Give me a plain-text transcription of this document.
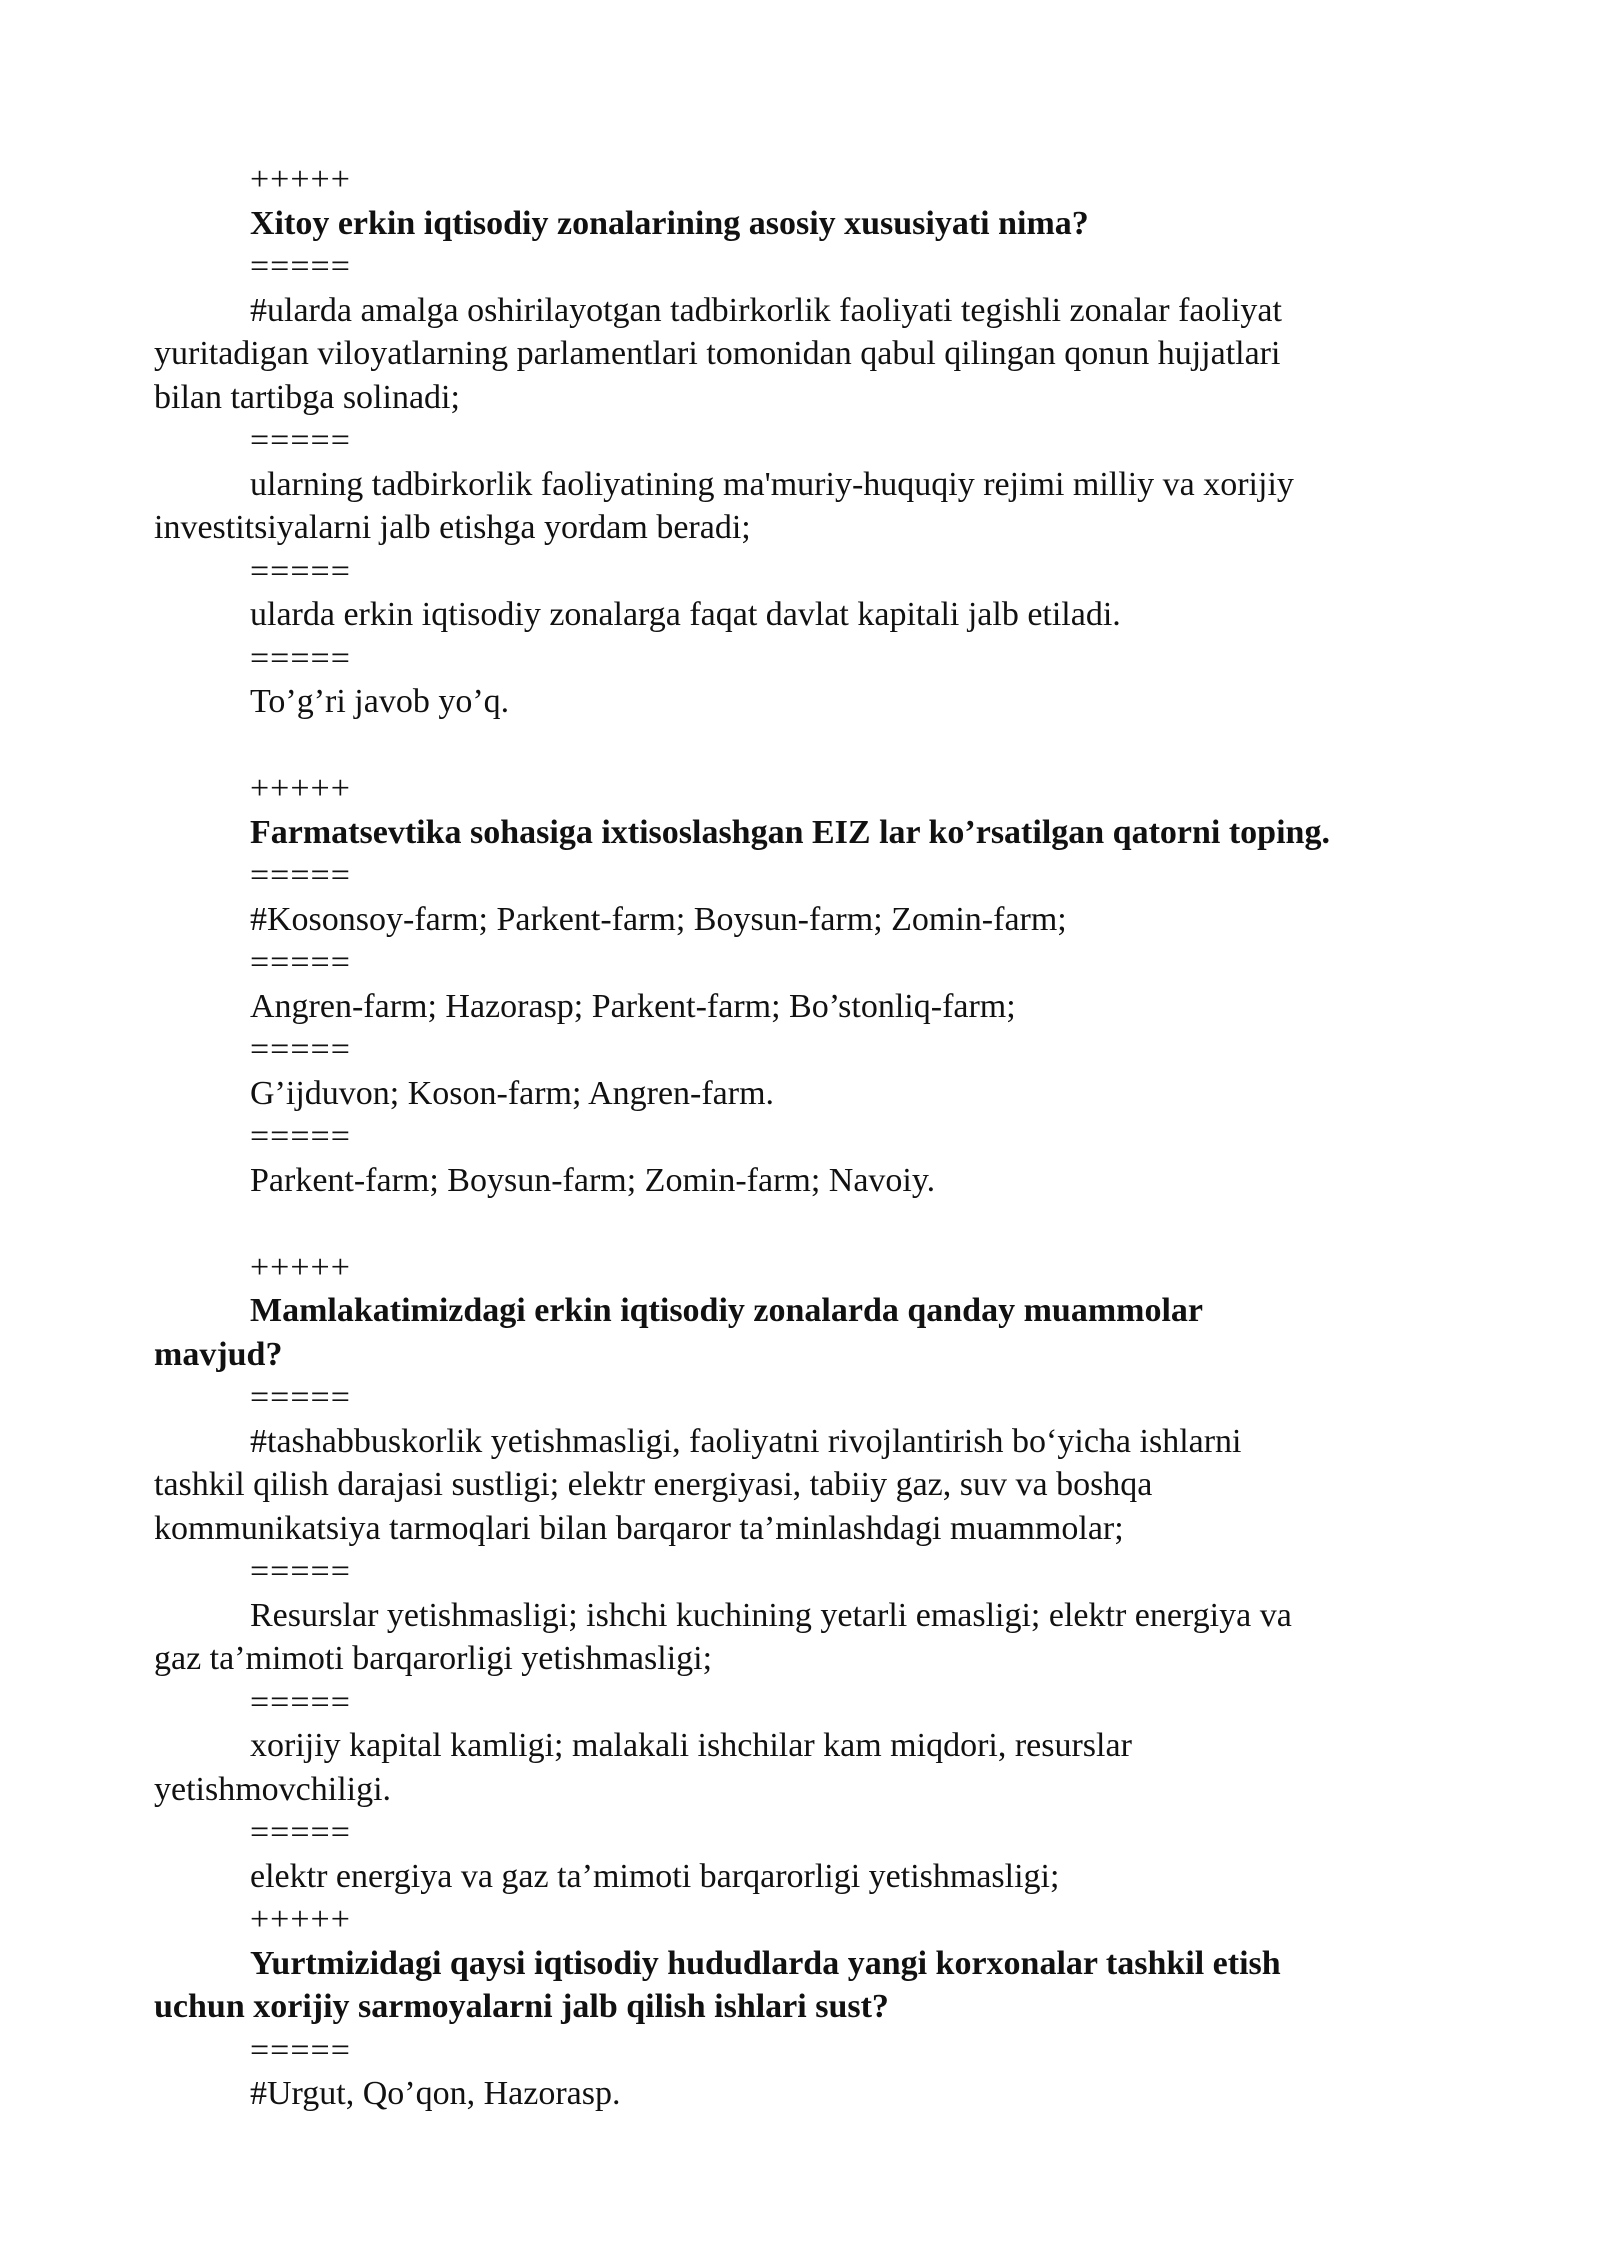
+++++
Xitoy erkin iqtisodiy zonalarining asosiy xususiyati nima?
=====
#ularda amalga oshirilayotgan tadbirkorlik faoliyati tegishli zonalar faoliyat
yuritadigan viloyatlarning parlamentlari tomonidan qabul qilingan qonun hujjatlari
bilan tartibga solinadi;
=====
ularning tadbirkorlik faoliyatining ma'muriy-huquqiy rejimi milliy va xorijiy
investitsiyalarni jalb etishga yordam beradi;
=====
ularda erkin iqtisodiy zonalarga faqat davlat kapitali jalb etiladi.
=====
To’g’ri javob yo’q.
+++++
Farmatsevtika sohasiga ixtisoslashgan EIZ lar ko’rsatilgan qatorni toping.
=====
#Kosonsoy-farm; Parkent-farm; Boysun-farm; Zomin-farm;
=====
Angren-farm; Hazorasp; Parkent-farm; Bo’stonliq-farm;
=====
G’ijduvon; Koson-farm; Angren-farm.
=====
Parkent-farm; Boysun-farm; Zomin-farm; Navoiy.
+++++
Mamlakatimizdagi erkin iqtisodiy zonalarda qanday muammolar
mavjud?
=====
#tashabbuskorlik yetishmasligi, faoliyatni rivojlantirish bo‘yicha ishlarni
tashkil qilish darajasi sustligi; elektr energiyasi, tabiiy gaz, suv va boshqa
kommunikatsiya tarmoqlari bilan barqaror ta’minlashdagi muammolar;
=====
Resurslar yetishmasligi; ishchi kuchining yetarli emasligi; elektr energiya va
gaz ta’mimoti barqarorligi yetishmasligi;
=====
xorijiy kapital kamligi; malakali ishchilar kam miqdori, resurslar
yetishmovchiligi.
=====
elektr energiya va gaz ta’mimoti barqarorligi yetishmasligi;
+++++
Yurtmizidagi qaysi iqtisodiy hududlarda yangi korxonalar tashkil etish
uchun xorijiy sarmoyalarni jalb qilish ishlari sust?
=====
#Urgut, Qo’qon, Hazorasp.
